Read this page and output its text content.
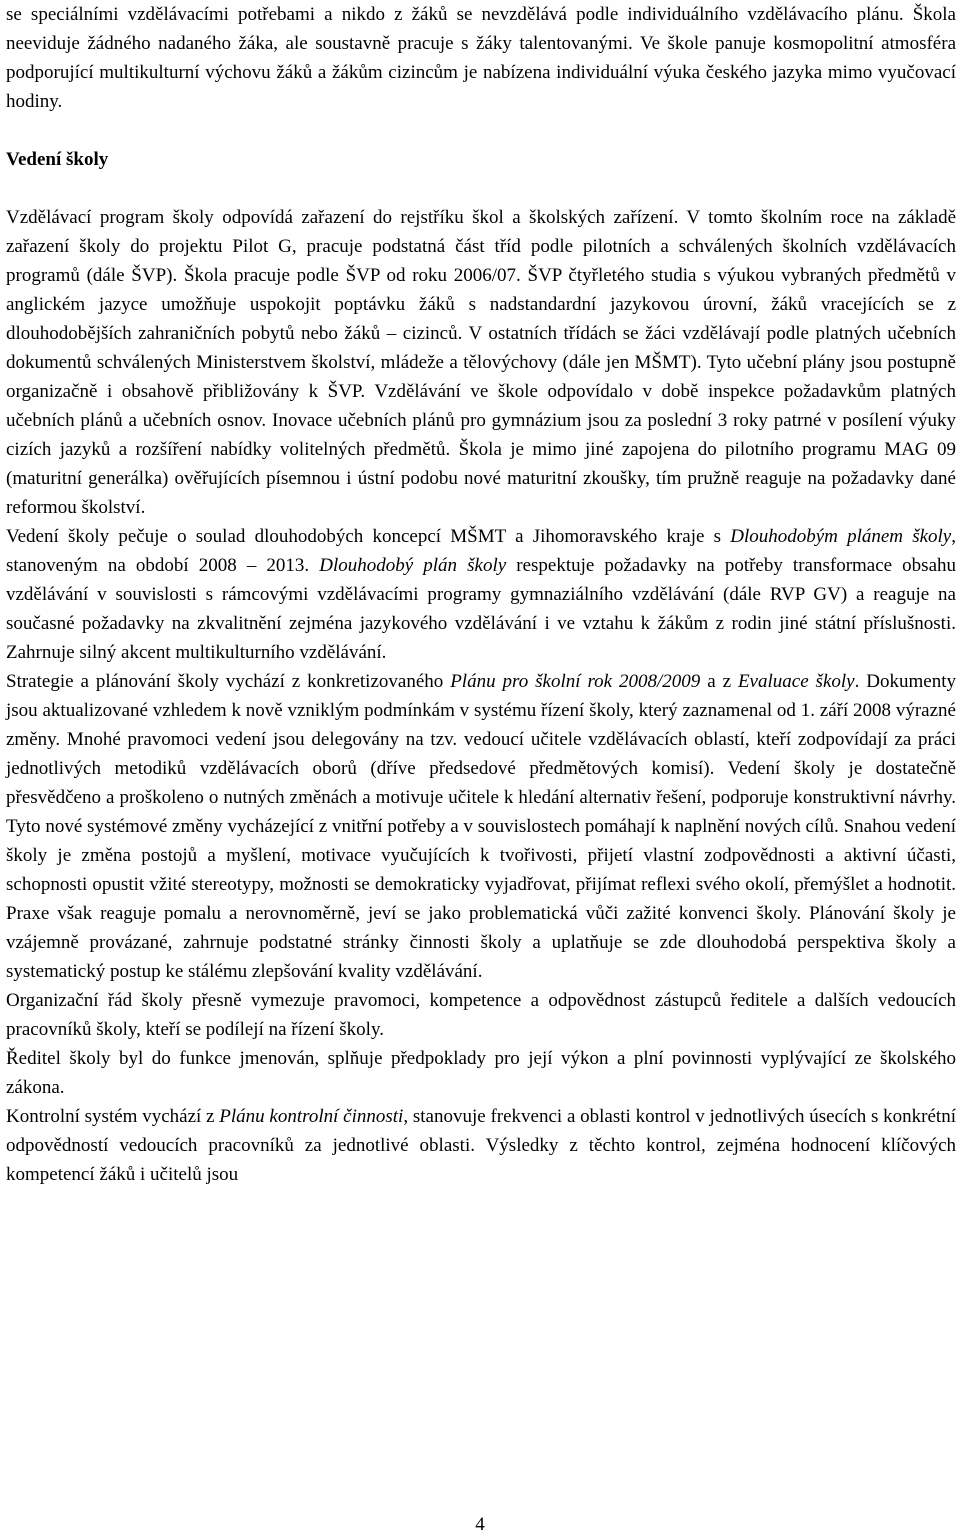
se speciálními vzdělávacími potřebami a nikdo z žáků se nevzdělává podle individuálního vzdělávacího plánu. Škola neeviduje žádného nadaného žáka, ale soustavně pracuje s žáky talentovanými. Ve škole panuje kosmopolitní atmosféra podporující multikulturní výchovu žáků a žákům cizincům je nabízena individuální výuka českého jazyka mimo vyučovací hodiny.

Vedení školy

Vzdělávací program školy odpovídá zařazení do rejstříku škol a školských zařízení. V tomto školním roce na základě zařazení školy do projektu Pilot G, pracuje podstatná část tříd podle pilotních a schválených školních vzdělávacích programů (dále ŠVP). Škola pracuje podle ŠVP od roku 2006/07. ŠVP čtyřletého studia s výukou vybraných předmětů v anglickém jazyce umožňuje uspokojit poptávku žáků s nadstandardní jazykovou úrovní, žáků vracejících se z dlouhodobějších zahraničních pobytů nebo žáků – cizinců. V ostatních třídách se žáci vzdělávají podle platných učebních dokumentů schválených Ministerstvem školství, mládeže a tělovýchovy (dále jen MŠMT). Tyto učební plány jsou postupně organizačně i obsahově přibližovány k ŠVP. Vzdělávání ve škole odpovídalo v době inspekce požadavkům platných učebních plánů a učebních osnov. Inovace učebních plánů pro gymnázium jsou za poslední 3 roky patrné v posílení výuky cizích jazyků a rozšíření nabídky volitelných předmětů. Škola je mimo jiné zapojena do pilotního programu MAG 09 (maturitní generálka) ověřujících písemnou i ústní podobu nové maturitní zkoušky, tím pružně reaguje na požadavky dané reformou školství.

Vedení školy pečuje o soulad dlouhodobých koncepcí MŠMT a Jihomoravského kraje s Dlouhodobým plánem školy, stanoveným na období 2008 – 2013. Dlouhodobý plán školy respektuje požadavky na potřeby transformace obsahu vzdělávání v souvislosti s rámcovými vzdělávacími programy gymnaziálního vzdělávání (dále RVP GV) a reaguje na současné požadavky na zkvalitnění zejména jazykového vzdělávání i ve vztahu k žákům z rodin jiné státní příslušnosti. Zahrnuje silný akcent multikulturního vzdělávání.

Strategie a plánování školy vychází z konkretizovaného Plánu pro školní rok 2008/2009 a z Evaluace školy. Dokumenty jsou aktualizované vzhledem k nově vzniklým podmínkám v systému řízení školy, který zaznamenal od 1. září 2008 výrazné změny. Mnohé pravomoci vedení jsou delegovány na tzv. vedoucí učitele vzdělávacích oblastí, kteří zodpovídají za práci jednotlivých metodiků vzdělávacích oborů (dříve předsedové předmětových komisí). Vedení školy je dostatečně přesvědčeno a proškoleno o nutných změnách a motivuje učitele k hledání alternativ řešení, podporuje konstruktivní návrhy. Tyto nové systémové změny vycházející z vnitřní potřeby a v souvislostech pomáhají k naplnění nových cílů. Snahou vedení školy je změna postojů a myšlení, motivace vyučujících k tvořivosti, přijetí vlastní zodpovědnosti a aktivní účasti, schopnosti opustit vžité stereotypy, možnosti se demokraticky vyjadřovat, přijímat reflexi svého okolí, přemýšlet a hodnotit. Praxe však reaguje pomalu a nerovnoměrně, jeví se jako problematická vůči zažité konvenci školy. Plánování školy je vzájemně provázané, zahrnuje podstatné stránky činnosti školy a uplatňuje se zde dlouhodobá perspektiva školy a systematický postup ke stálému zlepšování kvality vzdělávání.

Organizační řád školy přesně vymezuje pravomoci, kompetence a odpovědnost zástupců ředitele a dalších vedoucích pracovníků školy, kteří se podílejí na řízení školy.

Ředitel školy byl do funkce jmenován, splňuje předpoklady pro její výkon a plní povinnosti vyplývající ze školského zákona.

Kontrolní systém vychází z Plánu kontrolní činnosti, stanovuje frekvenci a oblasti kontrol v jednotlivých úsecích s konkrétní odpovědností vedoucích pracovníků za jednotlivé oblasti. Výsledky z těchto kontrol, zejména hodnocení klíčových kompetencí žáků i učitelů jsou

4
